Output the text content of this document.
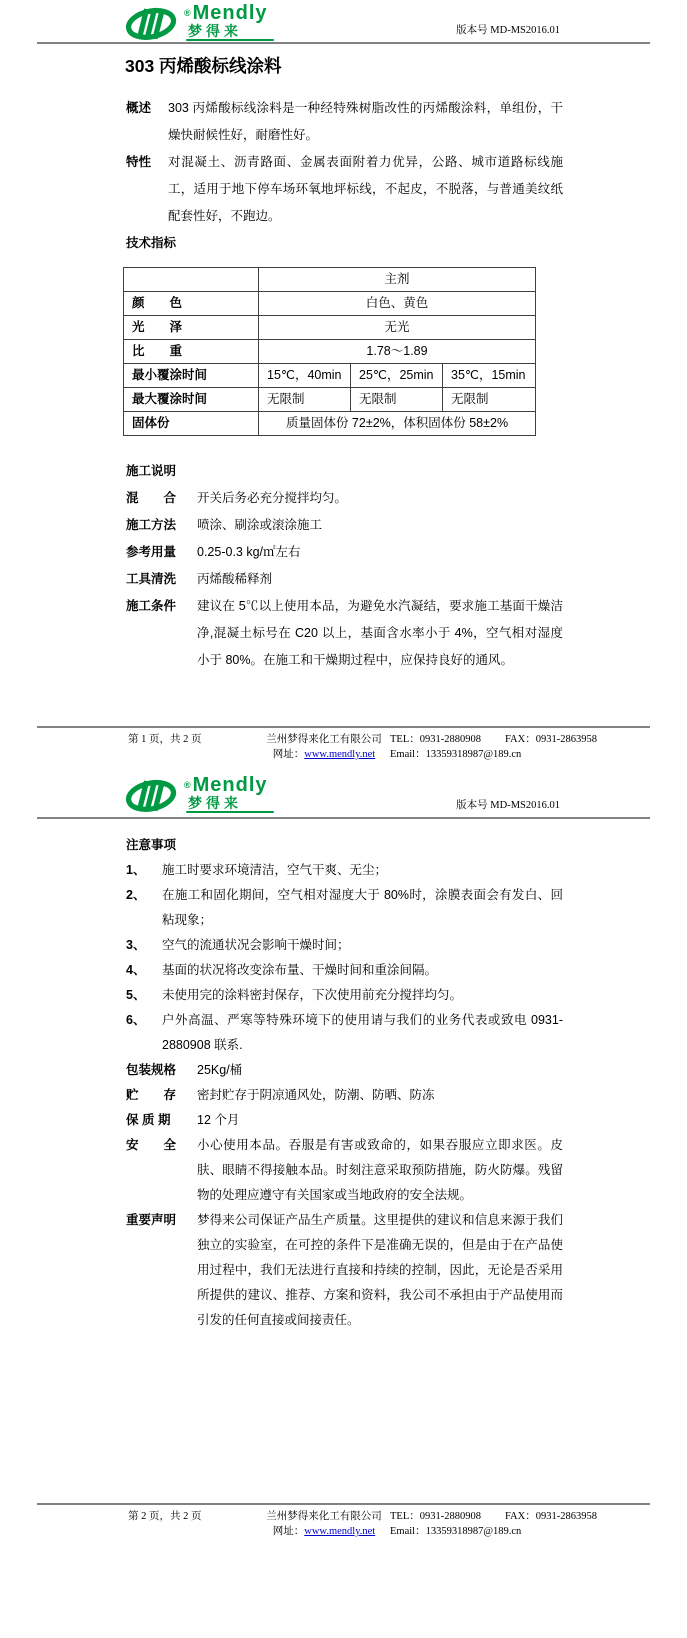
®Mendly
梦得来	版本号 MD-MS2016.01
303 丙烯酸标线涂料
概述	303 丙烯酸标线涂料是一种经特殊树脂改性的丙烯酸涂料，单组份，干燥快耐候性好，耐磨性好。
特性	对混凝土、沥青路面、金属表面附着力优异，公路、城市道路标线施工，适用于地下停车场环氧地坪标线，不起皮，不脱落，与普通美纹纸配套性好，不跑边。
技术指标
	主剂		
颜　　色	白色、黄色		
光　　泽	无光		
比　　重	1.78～1.89		
最小覆涂时间	15℃，40min	25℃，25min	35℃，15min
最大覆涂时间	无限制	无限制	无限制
固体份	质量固体份 72±2%，体积固体份 58±2%		
施工说明
混　　合	开关后务必充分搅拌均匀。
施工方法	喷涂、刷涂或滚涂施工
参考用量	0.25-0.3 kg/㎡左右
工具清洗	丙烯酸稀释剂
施工条件	建议在 5℃以上使用本品，为避免水汽凝结，要求施工基面干燥洁净,混凝土标号在 C20 以上，基面含水率小于 4%，空气相对湿度小于 80%。在施工和干燥期过程中，应保持良好的通风。
第 1 页，共 2 页	兰州梦得来化工有限公司 TEL：0931-2880908 FAX：0931-2863958
网址：www.mendly.net	Email：13359318987@189.cn
®Mendly
梦得来	版本号 MD-MS2016.01
注意事项
1、	施工时要求环境清洁，空气干爽、无尘；
2、	在施工和固化期间，空气相对湿度大于 80%时，涂膜表面会有发白、回粘现象；
3、	空气的流通状况会影响干燥时间；
4、	基面的状况将改变涂布量、干燥时间和重涂间隔。
5、	未使用完的涂料密封保存，下次使用前充分搅拌均匀。
6、	户外高温、严寒等特殊环境下的使用请与我们的业务代表或致电 0931-2880908 联系.
包装规格	25Kg/桶
贮　　存	密封贮存于阴凉通风处，防潮、防晒、防冻
保 质 期	12 个月
安　　全	小心使用本品。吞服是有害或致命的，如果吞服应立即求医。皮肤、眼睛不得接触本品。时刻注意采取预防措施，防火防爆。残留物的处理应遵守有关国家或当地政府的安全法规。
重要声明	梦得来公司保证产品生产质量。这里提供的建议和信息来源于我们独立的实验室，在可控的条件下是准确无误的，但是由于在产品使用过程中，我们无法进行直接和持续的控制，因此，无论是否采用所提供的建议、推荐、方案和资料，我公司不承担由于产品使用而引发的任何直接或间接责任。
第 2 页，共 2 页	兰州梦得来化工有限公司 TEL：0931-2880908 FAX：0931-2863958
网址：www.mendly.net	Email：13359318987@189.cn
